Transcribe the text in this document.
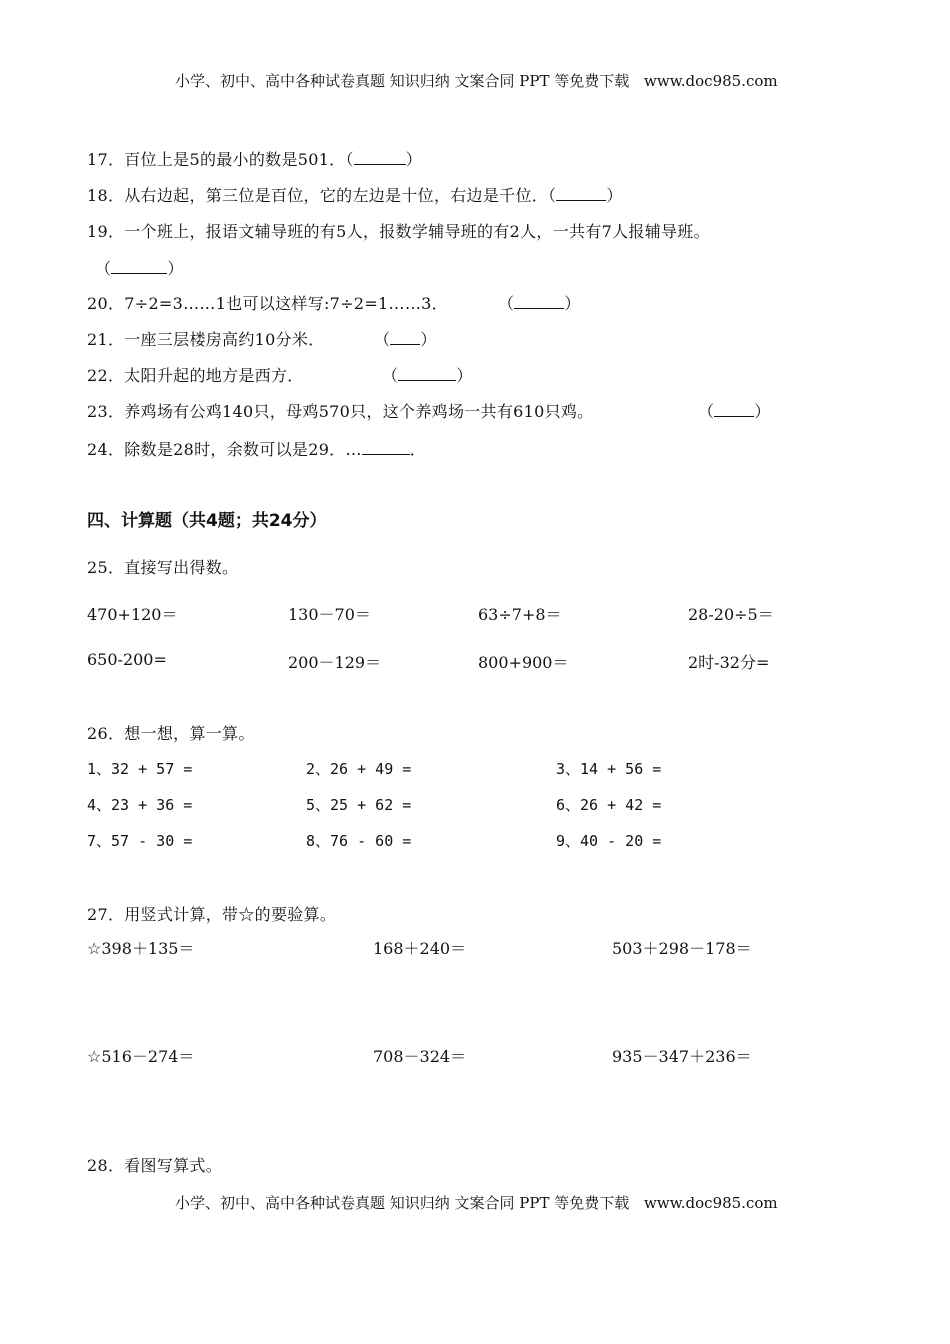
小学、初中、高中各种试卷真题 知识归纳 文案合同 PPT 等免费下载 www.doc985.com
17．百位上是5的最小的数是501．（	）
18．从右边起，第三位是百位，它的左边是十位，右边是千位．（	）
19．一个班上，报语文辅导班的有5人，报数学辅导班的有2人，一共有7人报辅导班。
（	）
20．7÷2=3……1也可以这样写:7÷2=1……3．	（	）
21．一座三层楼房高约10分米．	（ ）
22．太阳升起的地方是西方．	（	）
23．养鸡场有公鸡140只，母鸡570只，这个养鸡场一共有610只鸡。	（	）
24．除数是28时，余数可以是29．…	．
四、计算题（共4题；共24分）
25．直接写出得数。
470+120＝	130－70＝	63÷7+8＝	28-20÷5＝
650-200=	200－129＝	800+900＝	2时-32分=
26．想一想，算一算。
1、32 + 57 =	2、26 + 49 =	3、14 + 56 =
4、23 + 36 =	5、25 + 62 =	6、26 + 42 =
7、57 - 30 =	8、76 - 60 =	9、40 - 20 =
27．用竖式计算，带☆的要验算。
☆398＋135＝	168＋240＝	503＋298－178＝
☆516－274＝	708－324＝	935－347＋236＝
28．看图写算式。
小学、初中、高中各种试卷真题 知识归纳 文案合同 PPT 等免费下载 www.doc985.com
